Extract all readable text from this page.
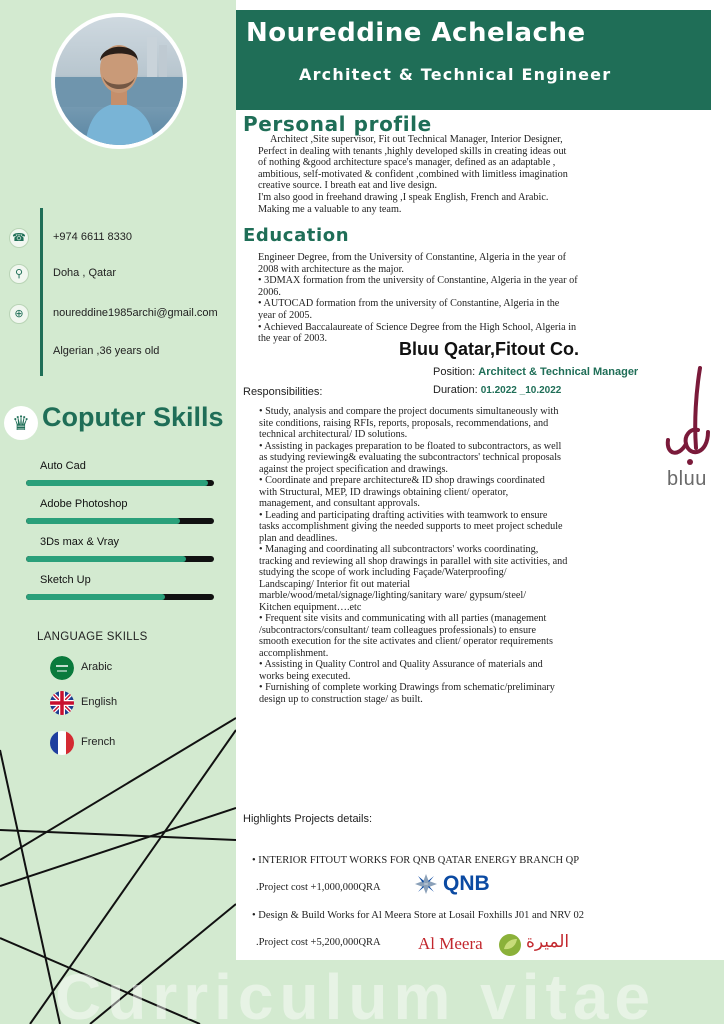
☎ +974 6611 8330
⚲	Doha , Qatar
⊕	noureddine1985archi@gmail.com
Algerian ,36 years old
♛ Coputer Skills
Auto Cad
Adobe Photoshop
3Ds max & Vray
Sketch Up
LANGUAGE SKILLS
Arabic
English
French
Noureddine Achelache
Architect & Technical Engineer
Personal profile
Architect ,Site supervisor, Fit out Technical Manager, Interior Designer,
Perfect in dealing with tenants ,highly developed skills in creating ideas out
of nothing &good architecture space's manager, defined as an adaptable ,
ambitious, self-motivated & confident ,combined with limitless imagination
creative source. I breath eat and live design.
I'm also good in freehand drawing ,I speak English, French and Arabic.
Making me a valuable to any team.
Education
Engineer Degree, from the University of Constantine, Algeria in the year of
2008 with architecture as the major.
• 3DMAX formation from the university of Constantine, Algeria in the year of
2006.
• AUTOCAD formation from the university of Constantine, Algeria in the
year of 2005.
• Achieved Baccalaureate of Science Degree from the High School, Algeria in
the year of 2003.
Bluu Qatar,Fitout Co.
Position: Architect & Technical Manager
Duration: 01.2022 _10.2022
Responsibilities:
bluu

• Study, analysis and compare the project documents simultaneously with

site conditions, raising RFIs, reports, proposals, recommendations, and

technical architectural/ ID solutions.

• Assisting in packages preparation to be floated to subcontractors, as well

as studying reviewing& evaluating the subcontractors' technical proposals

against the project specification and drawings.

• Coordinate and prepare architecture& ID shop drawings coordinated

with Structural, MEP, ID drawings obtaining client/ operator,

management, and consultant approvals.

• Leading and participating drafting activities with teamwork to ensure

tasks accomplishment giving the needed supports to meet project schedule

plan and deadlines.

• Managing and coordinating all subcontractors' works coordinating,

tracking and reviewing all shop drawings in parallel with site activities, and

studying the scope of work including Façade/Waterproofing/

Landscaping/ Interior fit out material

marble/wood/metal/signage/lighting/sanitary ware/ gypsum/steel/

Kitchen equipment….etc

• Frequent site visits and communicating with all parties (management

/subcontractors/consultant/ team colleagues professionals) to ensure

smooth execution for the site activates and client/ operator requirements

accomplishment.

• Assisting in Quality Control and Quality Assurance of materials and

works being executed.

• Furnishing of complete working Drawings from schematic/preliminary

design up to construction stage/ as built.

Highlights Projects details:
• INTERIOR FITOUT WORKS FOR QNB QATAR ENERGY BRANCH QP
.Project cost +1,000,000QRA	QNB
• Design & Build Works for Al Meera Store at Losail Foxhills J01 and NRV 02
.Project cost +5,200,000QRA Al Meera	الميرة
Curriculum vitae
